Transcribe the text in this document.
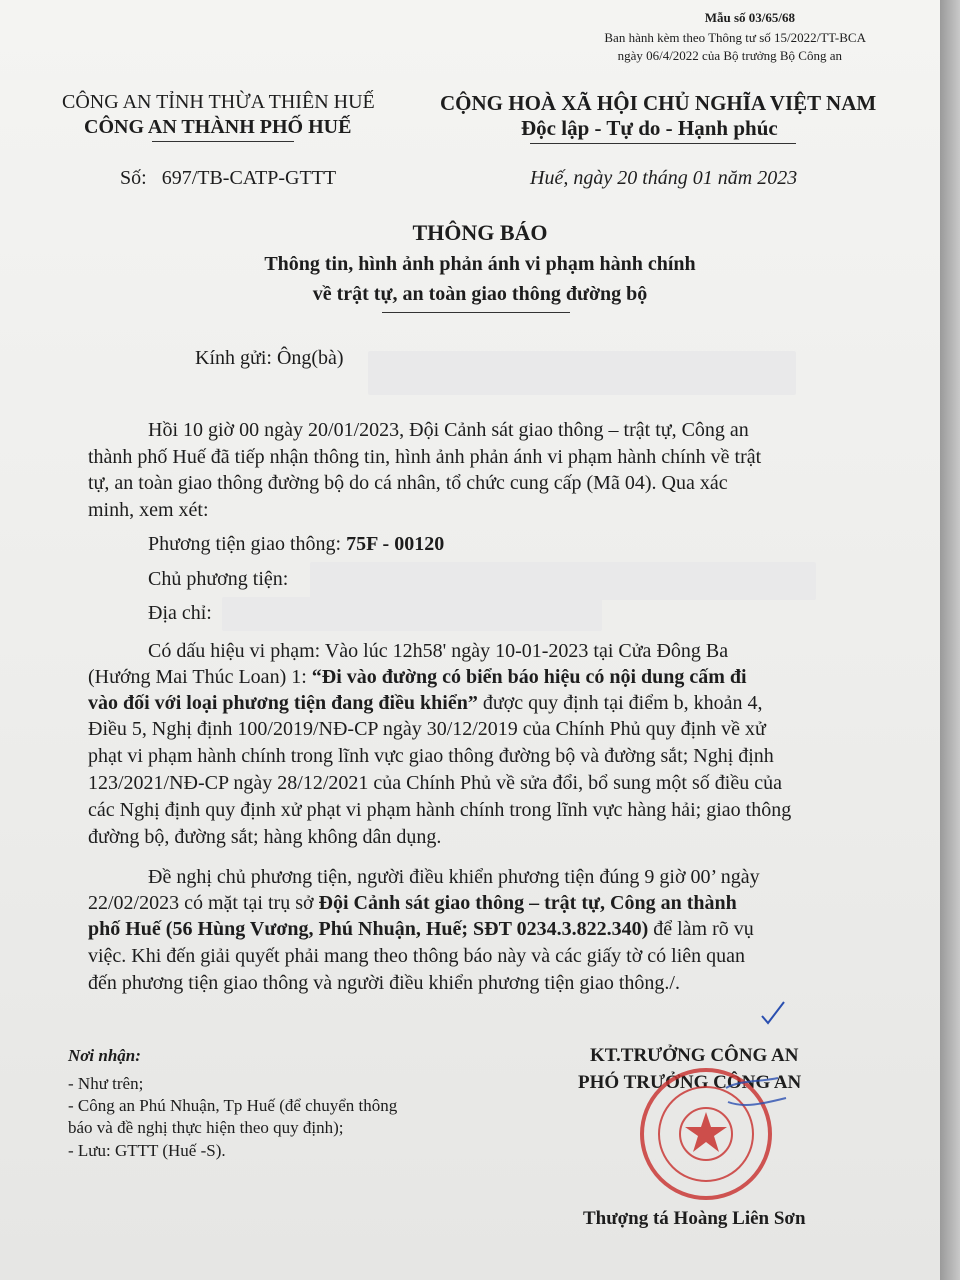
Mẫu số 03/65/68
Ban hành kèm theo Thông tư số 15/2022/TT-BCA
ngày 06/4/2022 của Bộ trưởng Bộ Công an
CÔNG AN TỈNH THỪA THIÊN HUẾ
CÔNG AN THÀNH PHỐ HUẾ
CỘNG HOÀ XÃ HỘI CHỦ NGHĨA VIỆT NAM
Độc lập - Tự do - Hạnh phúc
Số: 697/TB-CATP-GTTT	Huế, ngày 20 tháng 01 năm 2023
THÔNG BÁO
Thông tin, hình ảnh phản ánh vi phạm hành chính
về trật tự, an toàn giao thông đường bộ
Kính gửi: Ông(bà)
Hồi 10 giờ 00 ngày 20/01/2023, Đội Cảnh sát giao thông – trật tự, Công an
thành phố Huế đã tiếp nhận thông tin, hình ảnh phản ánh vi phạm hành chính về trật
tự, an toàn giao thông đường bộ do cá nhân, tổ chức cung cấp (Mã 04). Qua xác
minh, xem xét:
Phương tiện giao thông: 75F - 00120
Chủ phương tiện:
Địa chỉ:
Có dấu hiệu vi phạm: Vào lúc 12h58' ngày 10-01-2023 tại Cửa Đông Ba
(Hướng Mai Thúc Loan) 1: “Đi vào đường có biển báo hiệu có nội dung cấm đi
vào đối với loại phương tiện đang điều khiển” được quy định tại điểm b, khoản 4,
Điều 5, Nghị định 100/2019/NĐ-CP ngày 30/12/2019 của Chính Phủ quy định về xử
phạt vi phạm hành chính trong lĩnh vực giao thông đường bộ và đường sắt; Nghị định
123/2021/NĐ-CP ngày 28/12/2021 của Chính Phủ về sửa đổi, bổ sung một số điều của
các Nghị định quy định xử phạt vi phạm hành chính trong lĩnh vực hàng hải; giao thông
đường bộ, đường sắt; hàng không dân dụng.
Đề nghị chủ phương tiện, người điều khiển phương tiện đúng 9 giờ 00’ ngày
22/02/2023 có mặt tại trụ sở Đội Cảnh sát giao thông – trật tự, Công an thành
phố Huế (56 Hùng Vương, Phú Nhuận, Huế; SĐT 0234.3.822.340) để làm rõ vụ
việc. Khi đến giải quyết phải mang theo thông báo này và các giấy tờ có liên quan
đến phương tiện giao thông và người điều khiển phương tiện giao thông./.
Nơi nhận:
- Như trên;
- Công an Phú Nhuận, Tp Huế (để chuyển thông
báo và đề nghị thực hiện theo quy định);
- Lưu: GTTT (Huế -S).
KT.TRƯỞNG CÔNG AN
PHÓ TRƯỞNG CÔNG AN
Thượng tá Hoàng Liên Sơn
